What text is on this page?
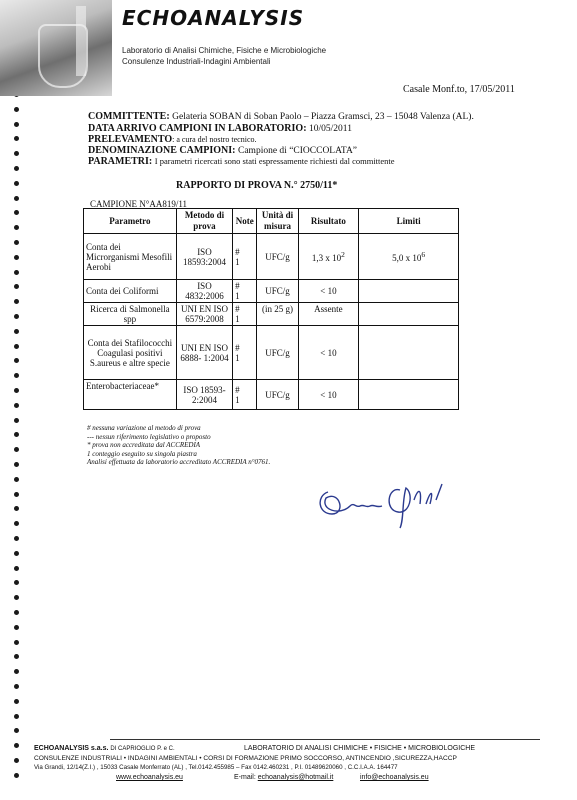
ECHOANALYSIS
Laboratorio di Analisi Chimiche, Fisiche e Microbiologiche
Consulenze Industriali-Indagini Ambientali
Casale Monf.to, 17/05/2011
COMMITTENTE: Gelateria SOBAN di Soban Paolo – Piazza Gramsci, 23 – 15048 Valenza (AL).
DATA ARRIVO CAMPIONI IN LABORATORIO: 10/05/2011
PRELEVAMENTO: a cura del nostro tecnico.
DENOMINAZIONE CAMPIONI: Campione di “CIOCCOLATA”
PARAMETRI: I parametri ricercati sono stati espressamente richiesti dal committente
RAPPORTO DI PROVA N.° 2750/11*
CAMPIONE N°AA819/11
Parametro	Metodo di prova	Note	Unità di misura	Risultato	Limiti
Conta dei Microrganismi Mesofili Aerobi	ISO 18593:2004	#
1	UFC/g	1,3 x $10^2$	5,0 x $10^6$
Conta dei Coliformi	ISO 4832:2006	#
1	UFC/g	< 10	
Ricerca di Salmonella spp	UNI EN ISO 6579:2008	#
1	(in 25 g)	Assente	
Conta dei Stafilococchi Coagulasi positivi S.aureus e altre specie	UNI EN ISO 6888- 1:2004	#
1	UFC/g	< 10	
Enterobacteriaceae*	ISO 18593-2:2004	#
1	UFC/g	< 10	
# nessuna variazione al metodo di prova
--- nessun riferimento legislativo o proposto
* prova non accreditata dal ACCREDIA
1 conteggio eseguito su singola piastra
Analisi effettuata da laboratorio accreditato ACCREDIA n°0761.
ECHOANALYSIS s.a.s. DI CAPRIOGLIO P. e C.	LABORATORIO DI ANALISI CHIMICHE • FISICHE • MICROBIOLOGICHE
CONSULENZE INDUSTRIALI • INDAGINI AMBIENTALI • CORSI DI FORMAZIONE PRIMO SOCCORSO, ANTINCENDIO ,SICUREZZA,HACCP
Via Grandi, 12/14(Z.I.) , 15033 Casale Monferrato (AL) , Tel.0142.455985 – Fax 0142.460231 , P.I. 01489620060 , C.C.I.A.A. 164477
www.echoanalysis.eu	E-mail: echoanalysis@hotmail.it	info@echoanalysis.eu
